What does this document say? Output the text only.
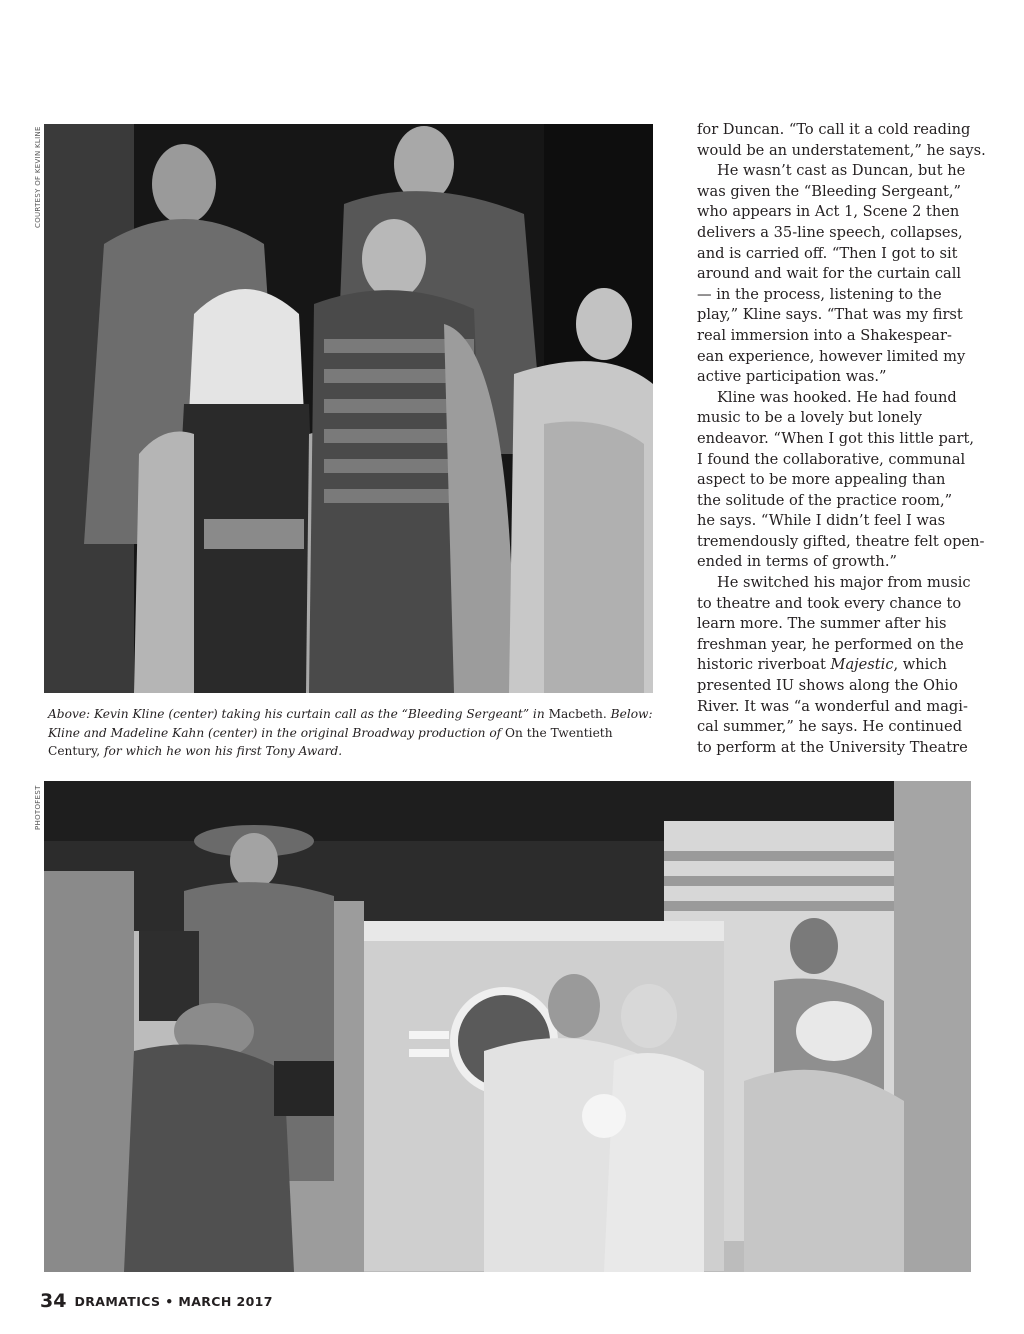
COURTESY OF KEVIN KLINE
Above: Kevin Kline (center) taking his curtain call as the “Bleeding Sergeant” in Macbeth. Below: Kline and Madeline Kahn (center) in the original Broadway production of On the Twentieth Century, for which he won his first Tony Award.
for Duncan. “To call it a cold reading
would be an understatement,” he says.
He wasn’t cast as Duncan, but he
was given the “Bleeding Sergeant,”
who appears in Act 1, Scene 2 then
delivers a 35-line speech, collapses,
and is carried off. “Then I got to sit
around and wait for the curtain call
— in the process, listening to the
play,” Kline says. “That was my first
real immersion into a Shakespear-
ean experience, however limited my
active participation was.”
Kline was hooked. He had found
music to be a lovely but lonely
endeavor. “When I got this little part,
I found the collaborative, communal
aspect to be more appealing than
the solitude of the practice room,”
he says. “While I didn’t feel I was
tremendously gifted, theatre felt open-
ended in terms of growth.”
He switched his major from music
to theatre and took every chance to
learn more. The summer after his
freshman year, he performed on the
historic riverboat Majestic, which
presented IU shows along the Ohio
River. It was “a wonderful and magi-
cal summer,” he says. He continued
to perform at the University Theatre
PHOTOFEST
34 DRAMATICS • MARCH 2017
